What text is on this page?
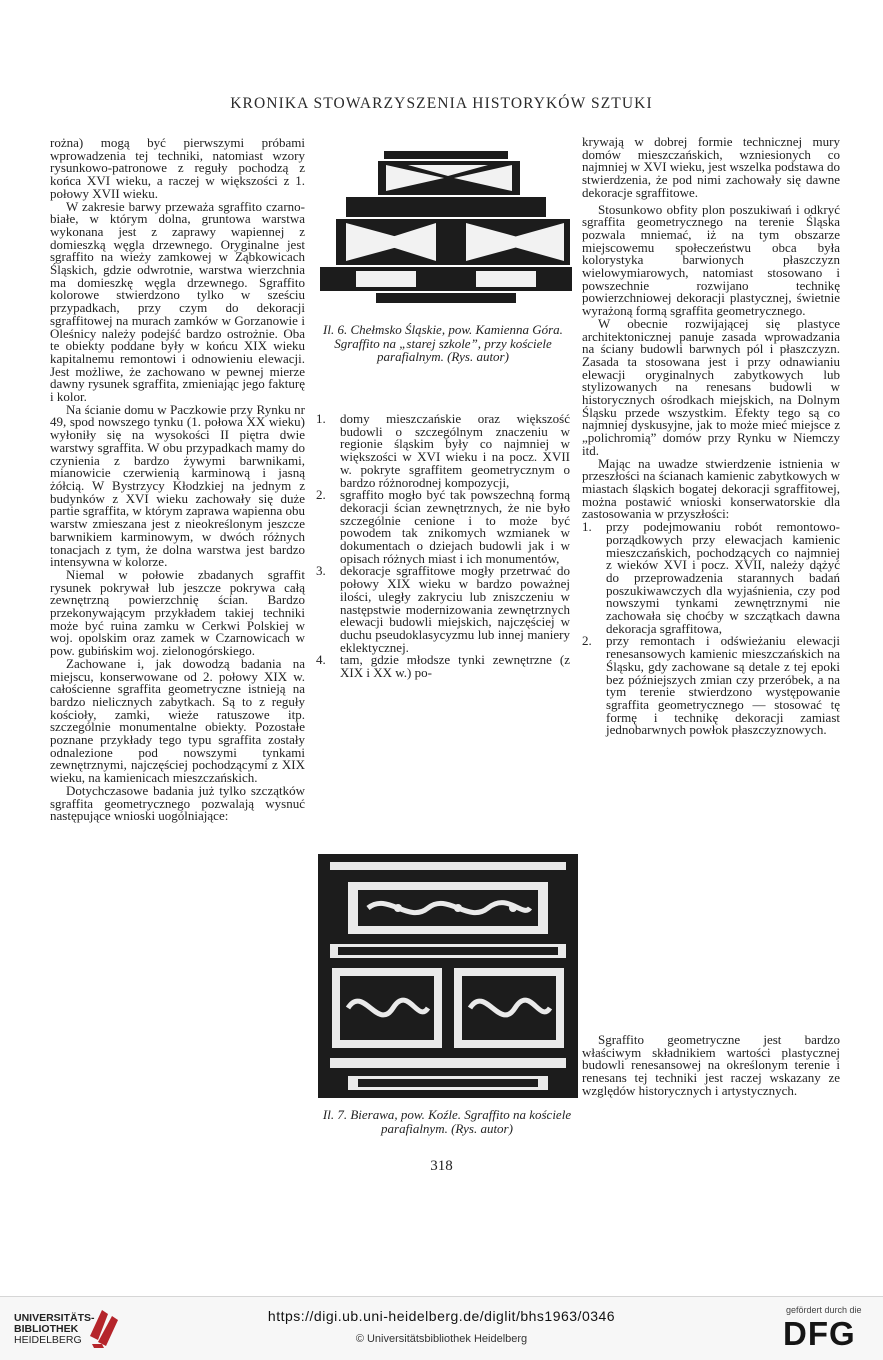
KRONIKA STOWARZYSZENIA HISTORYKÓW SZTUKI

rożna) mogą być pierwszymi próbami wprowadzenia tej techniki, natomiast wzory rysunkowo-patronowe z reguły pochodzą z końca XVI wieku, a raczej w większości z 1. połowy XVII wieku.

W zakresie barwy przeważa sgraffito czarno-białe, w którym dolna, gruntowa warstwa wykonana jest z zaprawy wapiennej z domieszką węgla drzewnego. Oryginalne jest sgraffito na wieży zamkowej w Ząbkowicach Śląskich, gdzie odwrotnie, warstwa wierzchnia ma domieszkę węgla drzewnego. Sgraffito kolorowe stwierdzono tylko w sześciu przypadkach, przy czym do dekoracji sgraffitowej na murach zamków w Gorzanowie i Oleśnicy należy podejść bardzo ostrożnie. Oba te obiekty poddane były w końcu XIX wieku kapitalnemu remontowi i odnowieniu elewacji. Jest możliwe, że zachowano w pewnej mierze dawny rysunek sgraffita, zmieniając jego fakturę i kolor.

Na ścianie domu w Paczkowie przy Rynku nr 49, spod nowszego tynku (1. połowa XX wieku) wyłoniły się na wysokości II piętra dwie warstwy sgraffita. W obu przypadkach mamy do czynienia z bardzo żywymi barwnikami, mianowicie czerwienią karminową i jasną żółcią. W Bystrzycy Kłodzkiej na jednym z budynków z XVI wieku zachowały się duże partie sgraffita, w którym zaprawa wapienna obu warstw zmieszana jest z nieokreślonym jeszcze barwnikiem karminowym, w dwóch różnych tonacjach z tym, że dolna warstwa jest bardzo intensywna w kolorze.

Niemal w połowie zbadanych sgraffit rysunek pokrywał lub jeszcze pokrywa całą zewnętrzną powierzchnię ścian. Bardzo przekonywającym przykładem takiej techniki może być ruina zamku w Cerkwi Polskiej w woj. opolskim oraz zamek w Czarnowicach w pow. gubińskim woj. zielonogórskiego.

Zachowane i, jak dowodzą badania na miejscu, konserwowane od 2. połowy XIX w. całościenne sgraffita geometryczne istnieją na bardzo nielicznych zabytkach. Są to z reguły kościoły, zamki, wieże ratuszowe itp. szczególnie monumentalne obiekty. Pozostałe poznane przykłady tego typu sgraffita zostały odnalezione pod nowszymi tynkami zewnętrznymi, najczęściej pochodzącymi z XIX wieku, na kamienicach mieszczańskich.

Dotychczasowe badania już tylko szczątków sgraffita geometrycznego pozwalają wysnuć następujące wnioski uogólniające:

Il. 6. Chełmsko Śląskie, pow. Kamienna Góra. Sgraffito na „starej szkole”, przy kościele parafialnym. (Rys. autor)
1. domy mieszczańskie oraz większość budowli o szczególnym znaczeniu w regionie śląskim były co najmniej w większości w XVI wieku i na pocz. XVII w. pokryte sgraffitem geometrycznym o bardzo różnorodnej kompozycji,
2. sgraffito mogło być tak powszechną formą dekoracji ścian zewnętrznych, że nie było szczególnie cenione i to może być powodem tak znikomych wzmianek w dokumentach o dziejach budowli jak i w opisach różnych miast i ich monumentów,
3. dekoracje sgraffitowe mogły przetrwać do połowy XIX wieku w bardzo poważnej ilości, uległy zakryciu lub zniszczeniu w następstwie modernizowania zewnętrznych elewacji budowli miejskich, najczęściej w duchu pseudoklasycyzmu lub innej maniery eklektycznej.
4. tam, gdzie młodsze tynki zewnętrzne (z XIX i XX w.) po-
Il. 7. Bierawa, pow. Koźle. Sgraffito na kościele parafialnym. (Rys. autor)

krywają w dobrej formie technicznej mury domów mieszczańskich, wzniesionych co najmniej w XVI wieku, jest wszelka podstawa do stwierdzenia, że pod nimi zachowały się dawne dekoracje sgraffitowe.

Stosunkowo obfity plon poszukiwań i odkryć sgraffita geometrycznego na terenie Śląska pozwala mniemać, iż na tym obszarze miejscowemu społeczeństwu obca była kolorystyka barwionych płaszczyzn wielowymiarowych, natomiast stosowano i powszechnie rozwijano technikę powierzchniowej dekoracji plastycznej, świetnie wyrażoną formą sgraffita geometrycznego.

W obecnie rozwijającej się plastyce architektonicznej panuje zasada wprowadzania na ściany budowli barwnych pól i płaszczyzn. Zasada ta stosowana jest i przy odnawianiu elewacji oryginalnych zabytkowych lub stylizowanych na renesans budowli w historycznych ośrodkach miejskich, na Dolnym Śląsku przede wszystkim. Efekty tego są co najmniej dyskusyjne, jak to może mieć miejsce z „polichromią” domów przy Rynku w Niemczy itd.

Mając na uwadze stwierdzenie istnienia w przeszłości na ścianach kamienic zabytkowych w miastach śląskich bogatej dekoracji sgraffitowej, można postawić wnioski konserwatorskie dla zastosowania w przyszłości:

1. przy podejmowaniu robót remontowo-porządkowych przy elewacjach kamienic mieszczańskich, pochodzących co najmniej z wieków XVI i pocz. XVII, należy dążyć do przeprowadzenia starannych badań poszukiwawczych dla wyjaśnienia, czy pod nowszymi tynkami zewnętrznymi nie zachowała się choćby w szczątkach dawna dekoracja sgraffitowa,
2. przy remontach i odświeżaniu elewacji renesansowych kamienic mieszczańskich na Śląsku, gdy zachowane są detale z tej epoki bez późniejszych zmian czy przeróbek, a na tym terenie stwierdzono występowanie sgraffita geometrycznego — stosować tę formę i technikę dekoracji zamiast jednobarwnych powłok płaszczyznowych.

Sgraffito geometryczne jest bardzo właściwym składnikiem wartości plastycznej budowli renesansowej na określonym terenie i renesans tej techniki jest raczej wskazany ze względów historycznych i artystycznych.

318
UNIVERSITÄTS-
BIBLIOTHEK
HEIDELBERG
https://digi.ub.uni-heidelberg.de/diglit/bhs1963/0346
© Universitätsbibliothek Heidelberg
gefördert durch die
DFG
